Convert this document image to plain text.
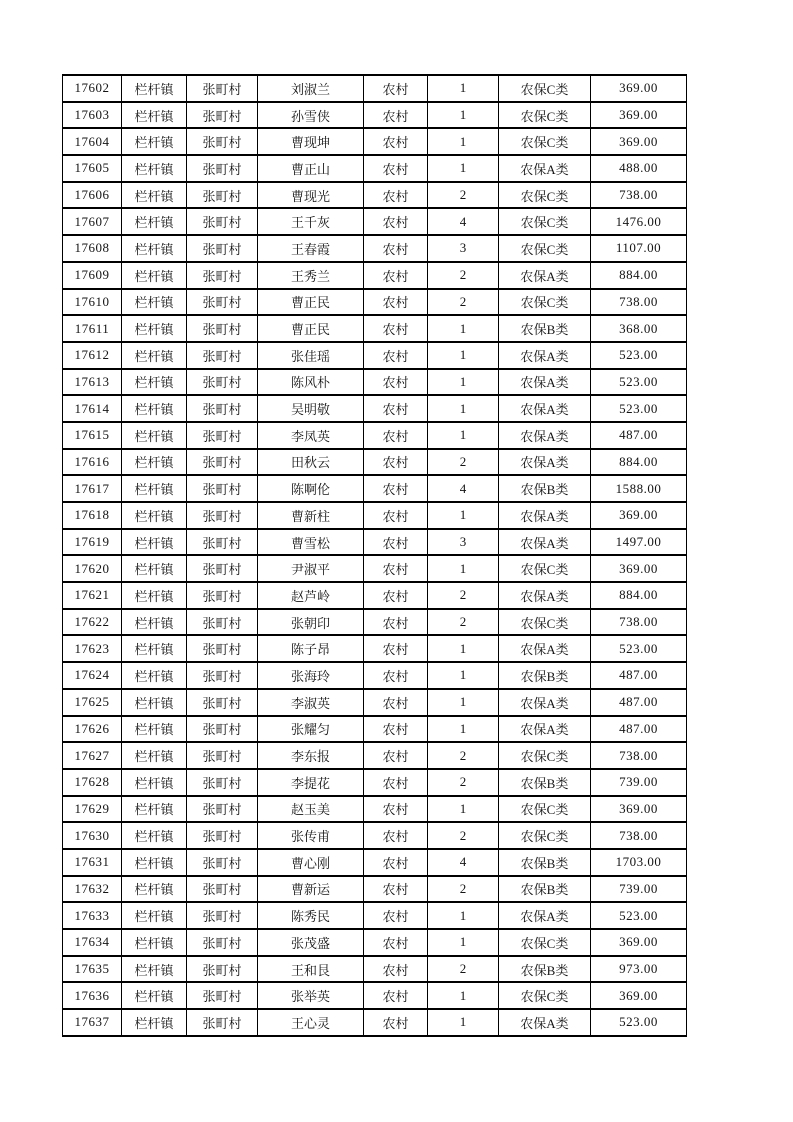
17602	栏杆镇	张町村	刘淑兰	农村	1	农保C类	369.00
17603	栏杆镇	张町村	孙雪侠	农村	1	农保C类	369.00
17604	栏杆镇	张町村	曹现坤	农村	1	农保C类	369.00
17605	栏杆镇	张町村	曹正山	农村	1	农保A类	488.00
17606	栏杆镇	张町村	曹现光	农村	2	农保C类	738.00
17607	栏杆镇	张町村	王千灰	农村	4	农保C类	1476.00
17608	栏杆镇	张町村	王春霞	农村	3	农保C类	1107.00
17609	栏杆镇	张町村	王秀兰	农村	2	农保A类	884.00
17610	栏杆镇	张町村	曹正民	农村	2	农保C类	738.00
17611	栏杆镇	张町村	曹正民	农村	1	农保B类	368.00
17612	栏杆镇	张町村	张佳瑶	农村	1	农保A类	523.00
17613	栏杆镇	张町村	陈风朴	农村	1	农保A类	523.00
17614	栏杆镇	张町村	吴明敬	农村	1	农保A类	523.00
17615	栏杆镇	张町村	李凤英	农村	1	农保A类	487.00
17616	栏杆镇	张町村	田秋云	农村	2	农保A类	884.00
17617	栏杆镇	张町村	陈啊伦	农村	4	农保B类	1588.00
17618	栏杆镇	张町村	曹新柱	农村	1	农保A类	369.00
17619	栏杆镇	张町村	曹雪松	农村	3	农保A类	1497.00
17620	栏杆镇	张町村	尹淑平	农村	1	农保C类	369.00
17621	栏杆镇	张町村	赵芦岭	农村	2	农保A类	884.00
17622	栏杆镇	张町村	张朝印	农村	2	农保C类	738.00
17623	栏杆镇	张町村	陈子昂	农村	1	农保A类	523.00
17624	栏杆镇	张町村	张海玲	农村	1	农保B类	487.00
17625	栏杆镇	张町村	李淑英	农村	1	农保A类	487.00
17626	栏杆镇	张町村	张耀匀	农村	1	农保A类	487.00
17627	栏杆镇	张町村	李东报	农村	2	农保C类	738.00
17628	栏杆镇	张町村	李提花	农村	2	农保B类	739.00
17629	栏杆镇	张町村	赵玉美	农村	1	农保C类	369.00
17630	栏杆镇	张町村	张传甫	农村	2	农保C类	738.00
17631	栏杆镇	张町村	曹心刚	农村	4	农保B类	1703.00
17632	栏杆镇	张町村	曹新运	农村	2	农保B类	739.00
17633	栏杆镇	张町村	陈秀民	农村	1	农保A类	523.00
17634	栏杆镇	张町村	张茂盛	农村	1	农保C类	369.00
17635	栏杆镇	张町村	王和艮	农村	2	农保B类	973.00
17636	栏杆镇	张町村	张举英	农村	1	农保C类	369.00
17637	栏杆镇	张町村	王心灵	农村	1	农保A类	523.00
